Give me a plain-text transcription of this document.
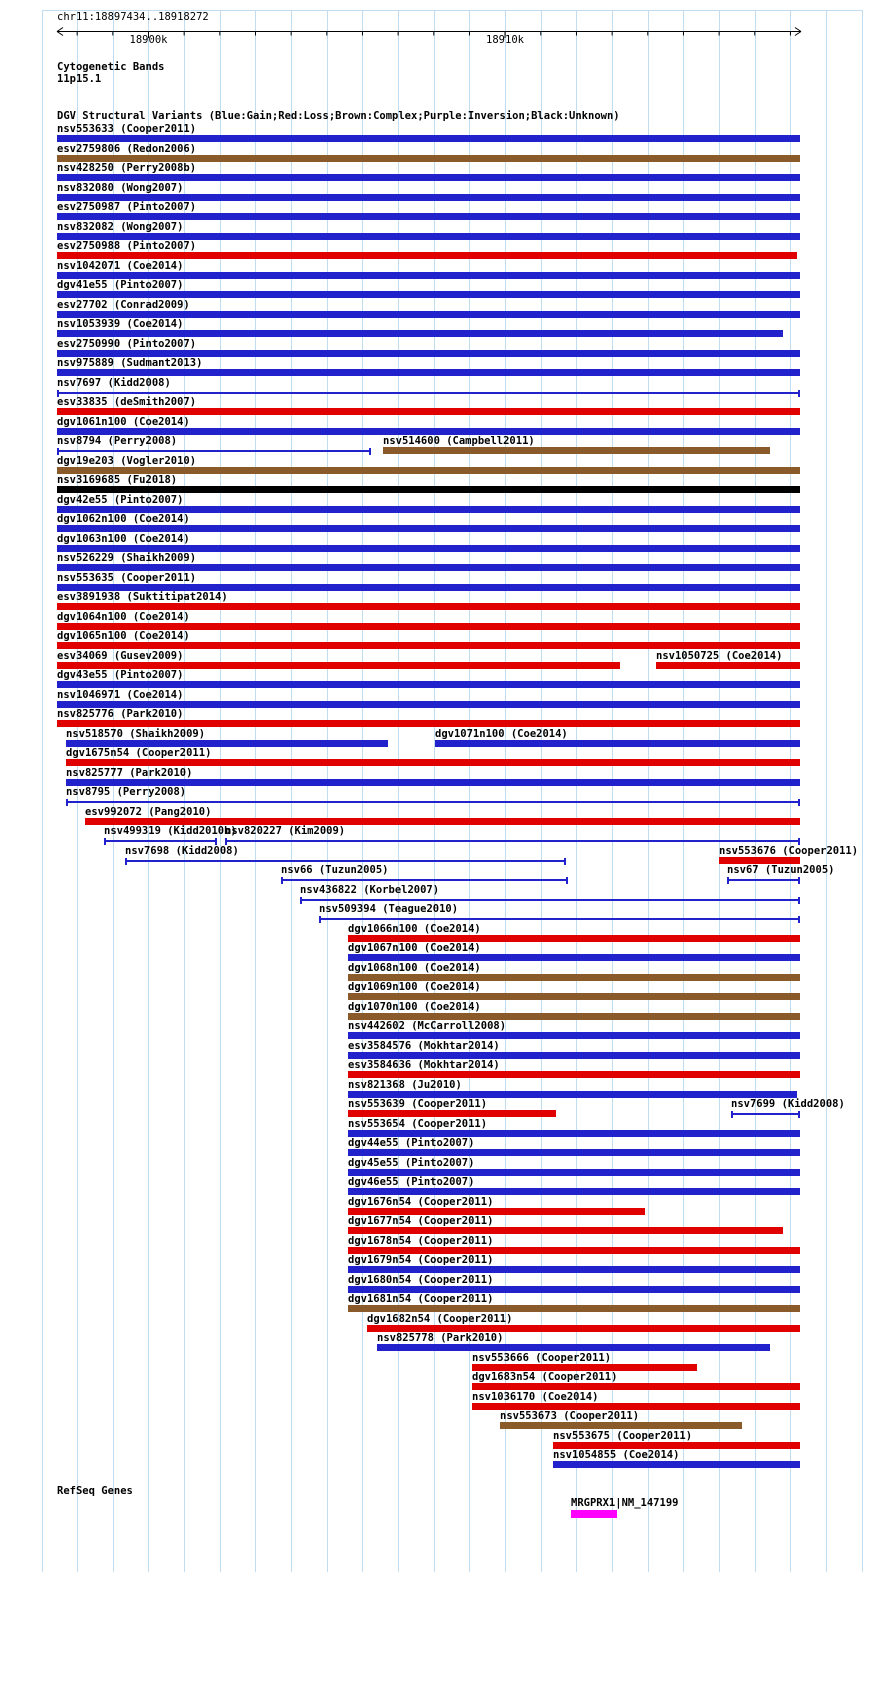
chr11:18897434..18918272
18900k	18910k
Cytogenetic Bands
11p15.1
DGV Structural Variants (Blue:Gain;Red:Loss;Brown:Complex;Purple:Inversion;Black:Unknown)
nsv553633 (Cooper2011)
esv2759806 (Redon2006)
nsv428250 (Perry2008b)
nsv832080 (Wong2007)
esv2750987 (Pinto2007)
nsv832082 (Wong2007)
esv2750988 (Pinto2007)
nsv1042071 (Coe2014)
dgv41e55 (Pinto2007)
esv27702 (Conrad2009)
nsv1053939 (Coe2014)
esv2750990 (Pinto2007)
nsv975889 (Sudmant2013)
nsv7697 (Kidd2008)
esv33835 (deSmith2007)
dgv1061n100 (Coe2014)
nsv8794 (Perry2008)	nsv514600 (Campbell2011)
dgv19e203 (Vogler2010)
nsv3169685 (Fu2018)
dgv42e55 (Pinto2007)
dgv1062n100 (Coe2014)
dgv1063n100 (Coe2014)
nsv526229 (Shaikh2009)
nsv553635 (Cooper2011)
esv3891938 (Suktitipat2014)
dgv1064n100 (Coe2014)
dgv1065n100 (Coe2014)
esv34069 (Gusev2009)	nsv1050725 (Coe2014)
dgv43e55 (Pinto2007)
nsv1046971 (Coe2014)
nsv825776 (Park2010)
nsv518570 (Shaikh2009)	dgv1071n100 (Coe2014)
dgv1675n54 (Cooper2011)
nsv825777 (Park2010)
nsv8795 (Perry2008)
esv992072 (Pang2010)
nsv499319 (Kidd2010b)
nsv820227 (Kim2009)
nsv7698 (Kidd2008)	nsv553676 (Cooper2011)
nsv66 (Tuzun2005)	nsv67 (Tuzun2005)
nsv436822 (Korbel2007)
nsv509394 (Teague2010)
dgv1066n100 (Coe2014)
dgv1067n100 (Coe2014)
dgv1068n100 (Coe2014)
dgv1069n100 (Coe2014)
dgv1070n100 (Coe2014)
nsv442602 (McCarroll2008)
esv3584576 (Mokhtar2014)
esv3584636 (Mokhtar2014)
nsv821368 (Ju2010)
nsv553639 (Cooper2011)	nsv7699 (Kidd2008)
nsv553654 (Cooper2011)
dgv44e55 (Pinto2007)
dgv45e55 (Pinto2007)
dgv46e55 (Pinto2007)
dgv1676n54 (Cooper2011)
dgv1677n54 (Cooper2011)
dgv1678n54 (Cooper2011)
dgv1679n54 (Cooper2011)
dgv1680n54 (Cooper2011)
dgv1681n54 (Cooper2011)
dgv1682n54 (Cooper2011)
nsv825778 (Park2010)
nsv553666 (Cooper2011)
dgv1683n54 (Cooper2011)
nsv1036170 (Coe2014)
nsv553673 (Cooper2011)
nsv553675 (Cooper2011)
nsv1054855 (Coe2014)
RefSeq Genes
MRGPRX1|NM_147199
